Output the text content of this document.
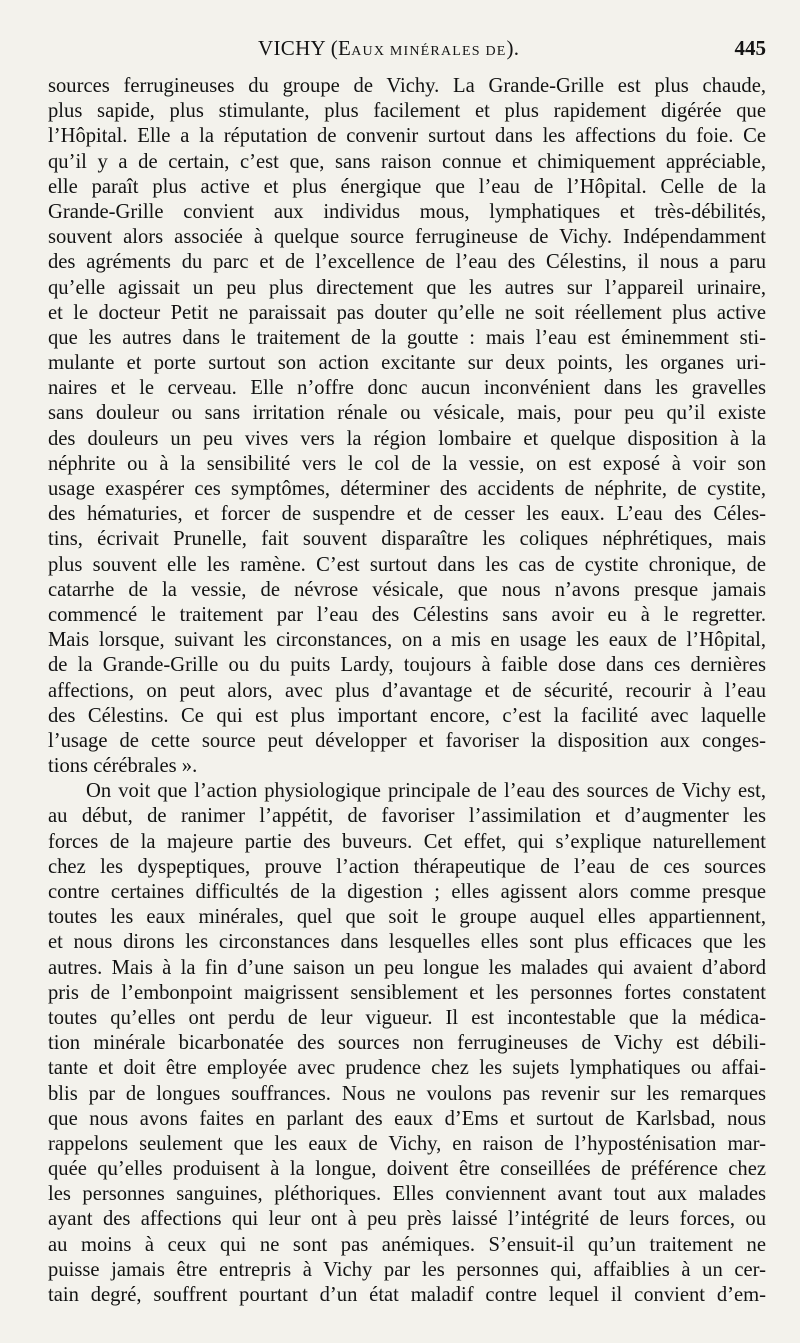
VICHY (EAUX MINÉRALES DE).	445
sources ferrugineuses du groupe de Vichy. La Grande-Grille est plus chaude,
plus sapide, plus stimulante, plus facilement et plus rapidement digérée que
l’Hôpital. Elle a la réputation de convenir surtout dans les affections du foie. Ce
qu’il y a de certain, c’est que, sans raison connue et chimiquement appréciable,
elle paraît plus active et plus énergique que l’eau de l’Hôpital. Celle de la
Grande-Grille convient aux individus mous, lymphatiques et très-débilités,
souvent alors associée à quelque source ferrugineuse de Vichy. Indépendamment
des agréments du parc et de l’excellence de l’eau des Célestins, il nous a paru
qu’elle agissait un peu plus directement que les autres sur l’appareil urinaire,
et le docteur Petit ne paraissait pas douter qu’elle ne soit réellement plus active
que les autres dans le traitement de la goutte : mais l’eau est éminemment sti-
mulante et porte surtout son action excitante sur deux points, les organes uri-
naires et le cerveau. Elle n’offre donc aucun inconvénient dans les gravelles
sans douleur ou sans irritation rénale ou vésicale, mais, pour peu qu’il existe
des douleurs un peu vives vers la région lombaire et quelque disposition à la
néphrite ou à la sensibilité vers le col de la vessie, on est exposé à voir son
usage exaspérer ces symptômes, déterminer des accidents de néphrite, de cystite,
des hématuries, et forcer de suspendre et de cesser les eaux. L’eau des Céles-
tins, écrivait Prunelle, fait souvent disparaître les coliques néphrétiques, mais
plus souvent elle les ramène. C’est surtout dans les cas de cystite chronique, de
catarrhe de la vessie, de névrose vésicale, que nous n’avons presque jamais
commencé le traitement par l’eau des Célestins sans avoir eu à le regretter.
Mais lorsque, suivant les circonstances, on a mis en usage les eaux de l’Hôpital,
de la Grande-Grille ou du puits Lardy, toujours à faible dose dans ces dernières
affections, on peut alors, avec plus d’avantage et de sécurité, recourir à l’eau
des Célestins. Ce qui est plus important encore, c’est la facilité avec laquelle
l’usage de cette source peut développer et favoriser la disposition aux conges-
tions cérébrales ».
On voit que l’action physiologique principale de l’eau des sources de Vichy est,
au début, de ranimer l’appétit, de favoriser l’assimilation et d’augmenter les
forces de la majeure partie des buveurs. Cet effet, qui s’explique naturellement
chez les dyspeptiques, prouve l’action thérapeutique de l’eau de ces sources
contre certaines difficultés de la digestion ; elles agissent alors comme presque
toutes les eaux minérales, quel que soit le groupe auquel elles appartiennent,
et nous dirons les circonstances dans lesquelles elles sont plus efficaces que les
autres. Mais à la fin d’une saison un peu longue les malades qui avaient d’abord
pris de l’embonpoint maigrissent sensiblement et les personnes fortes constatent
toutes qu’elles ont perdu de leur vigueur. Il est incontestable que la médica-
tion minérale bicarbonatée des sources non ferrugineuses de Vichy est débili-
tante et doit être employée avec prudence chez les sujets lymphatiques ou affai-
blis par de longues souffrances. Nous ne voulons pas revenir sur les remarques
que nous avons faites en parlant des eaux d’Ems et surtout de Karlsbad, nous
rappelons seulement que les eaux de Vichy, en raison de l’hyposténisation mar-
quée qu’elles produisent à la longue, doivent être conseillées de préférence chez
les personnes sanguines, pléthoriques. Elles conviennent avant tout aux malades
ayant des affections qui leur ont à peu près laissé l’intégrité de leurs forces, ou
au moins à ceux qui ne sont pas anémiques. S’ensuit-il qu’un traitement ne
puisse jamais être entrepris à Vichy par les personnes qui, affaiblies à un cer-
tain degré, souffrent pourtant d’un état maladif contre lequel il convient d’em-
